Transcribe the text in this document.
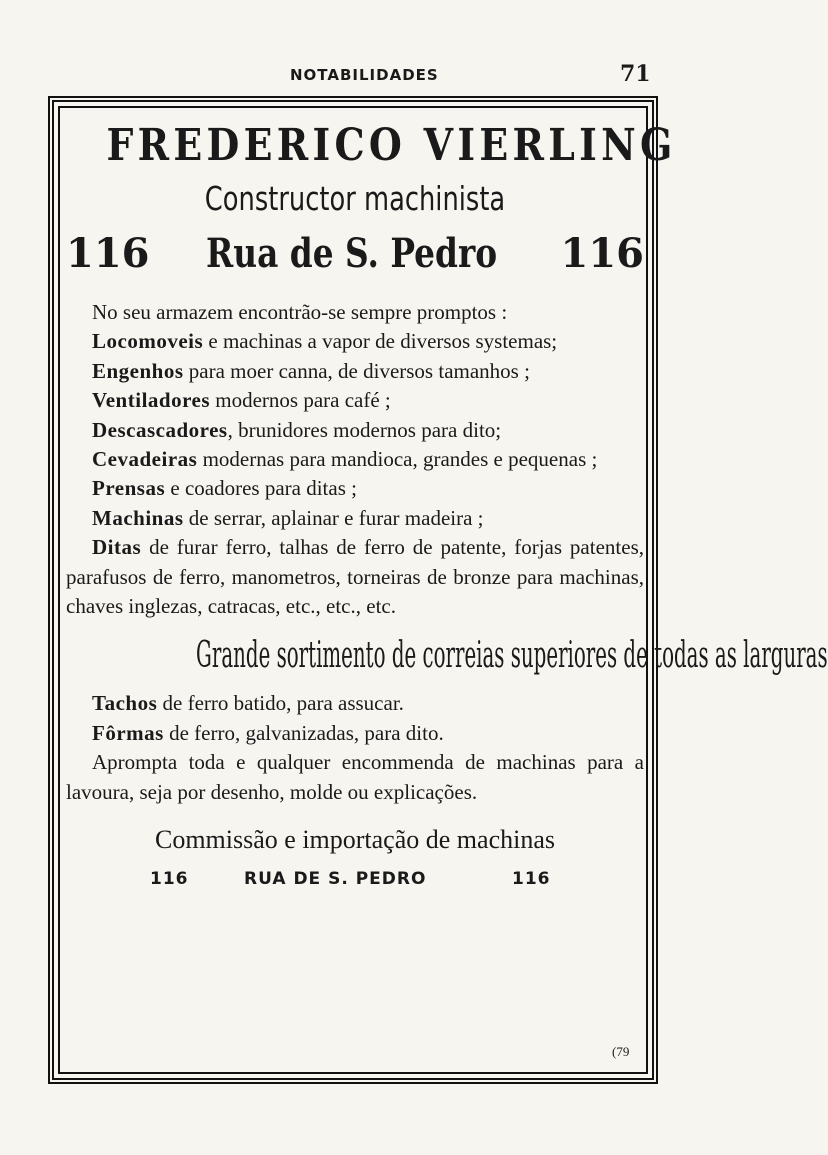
NOTABILIDADES	71
FREDERICO VIERLING
Constructor machinista
116 Rua de S. Pedro 116

No seu armazem encontrão-se sempre promptos :

Locomoveis e machinas a vapor de diversos systemas;

Engenhos para moer canna, de diversos tamanhos ;

Ventiladores modernos para café ;

Descascadores, brunidores modernos para dito;

Cevadeiras modernas para mandioca, grandes e pequenas ;

Prensas e coadores para ditas ;

Machinas de serrar, aplainar e furar madeira ;

Ditas de furar ferro, talhas de ferro de patente, forjas patentes, parafusos de ferro, manometros, torneiras de bronze para machinas, chaves inglezas, catracas, etc., etc., etc.

Grande sortimento de correias superiores de todas as larguras

Tachos de ferro batido, para assucar.

Fôrmas de ferro, galvanizadas, para dito.

Apromptа toda e qualquer encommenda de machinas para a lavoura, seja por desenho, molde ou explicações.

Commissão e importação de machinas
116	RUA DE S. PEDRO	116
(79
